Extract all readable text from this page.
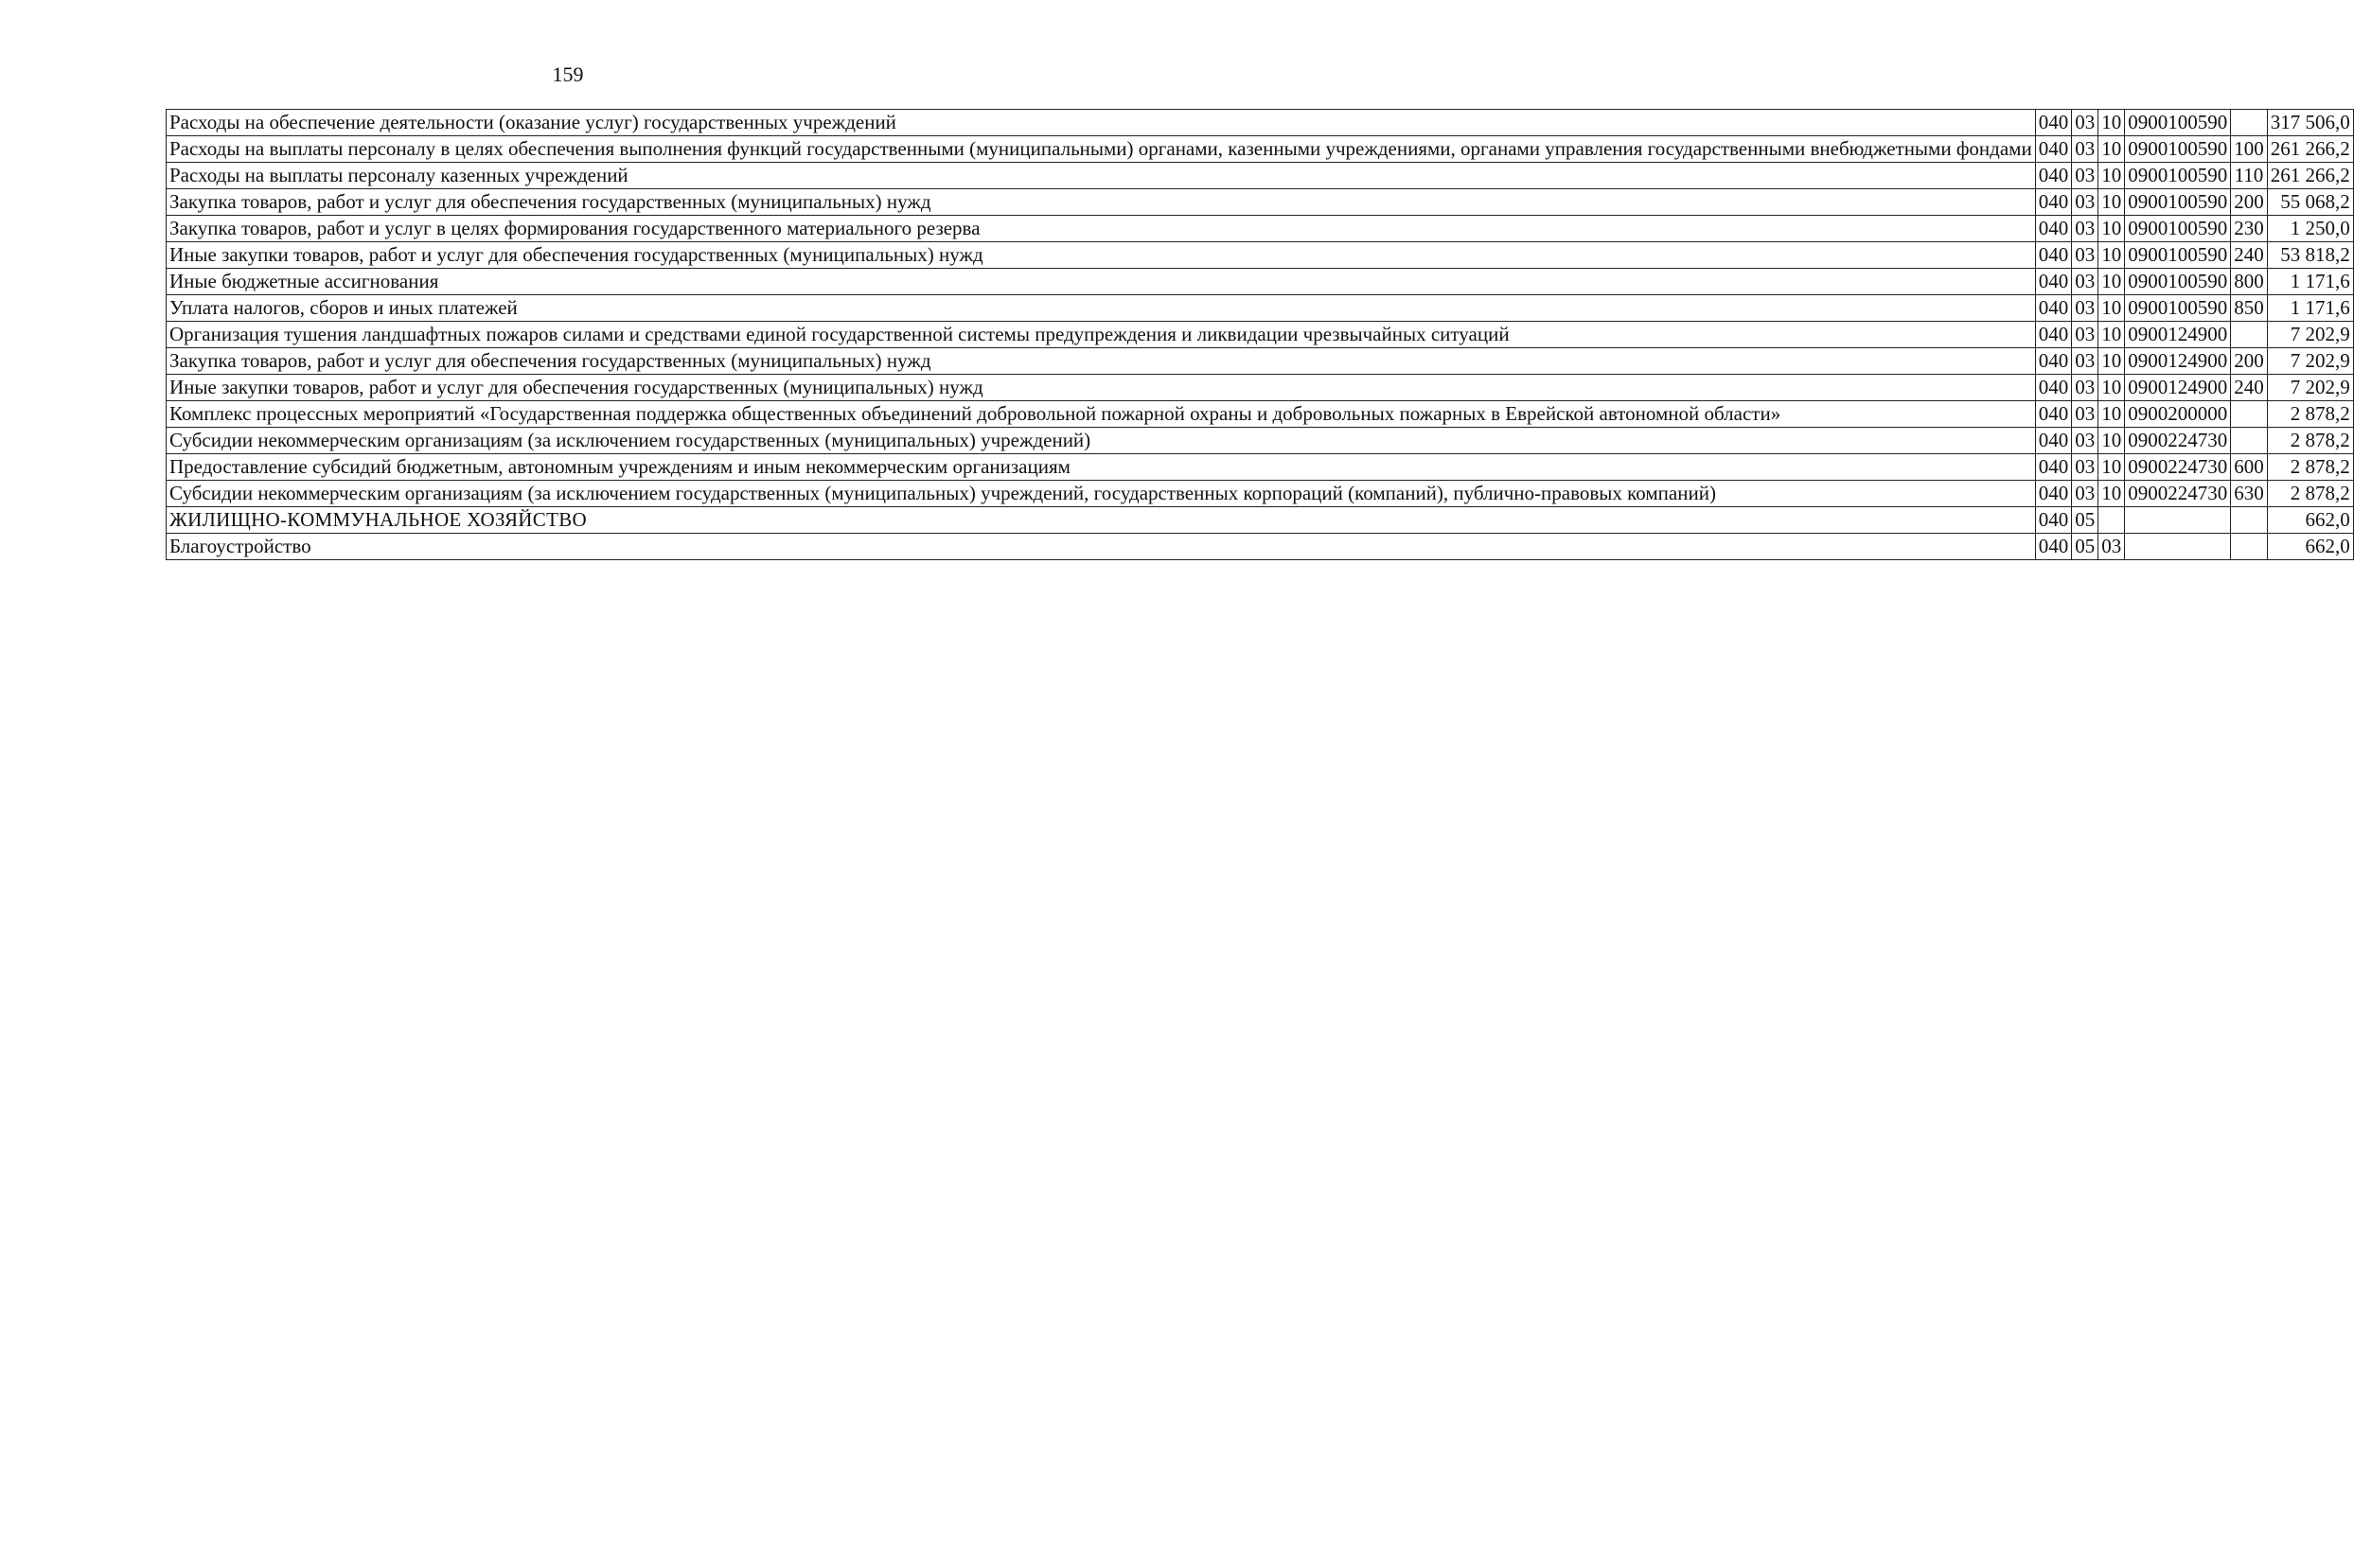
159
Расходы на обеспечение деятельности (оказание услуг) государственных учреждений	040	03	10	0900100590		317 506,0
Расходы на выплаты персоналу в целях обеспечения выполнения функций государственными (муниципальными) органами, казенными учреждениями, органами управления государственными внебюджетными фондами	040	03	10	0900100590	100	261 266,2
Расходы на выплаты персоналу казенных учреждений	040	03	10	0900100590	110	261 266,2
Закупка товаров, работ и услуг для обеспечения государственных (муниципальных) нужд	040	03	10	0900100590	200	55 068,2
Закупка товаров, работ и услуг в целях формирования государственного материального резерва	040	03	10	0900100590	230	1 250,0
Иные закупки товаров, работ и услуг для обеспечения государственных (муниципальных) нужд	040	03	10	0900100590	240	53 818,2
Иные бюджетные ассигнования	040	03	10	0900100590	800	1 171,6
Уплата налогов, сборов и иных платежей	040	03	10	0900100590	850	1 171,6
Организация тушения ландшафтных пожаров силами и средствами единой государственной системы предупреждения и ликвидации чрезвычайных ситуаций	040	03	10	0900124900		7 202,9
Закупка товаров, работ и услуг для обеспечения государственных (муниципальных) нужд	040	03	10	0900124900	200	7 202,9
Иные закупки товаров, работ и услуг для обеспечения государственных (муниципальных) нужд	040	03	10	0900124900	240	7 202,9
Комплекс процессных мероприятий «Государственная поддержка общественных объединений добровольной пожарной охраны и добровольных пожарных в Еврейской автономной области»	040	03	10	0900200000		2 878,2
Субсидии некоммерческим организациям (за исключением государственных (муниципальных) учреждений)	040	03	10	0900224730		2 878,2
Предоставление субсидий бюджетным, автономным учреждениям и иным некоммерческим организациям	040	03	10	0900224730	600	2 878,2
Субсидии некоммерческим организациям (за исключением государственных (муниципальных) учреждений, государственных корпораций (компаний), публично-правовых компаний)	040	03	10	0900224730	630	2 878,2
ЖИЛИЩНО-КОММУНАЛЬНОЕ ХОЗЯЙСТВО	040	05				662,0
Благоустройство	040	05	03			662,0
